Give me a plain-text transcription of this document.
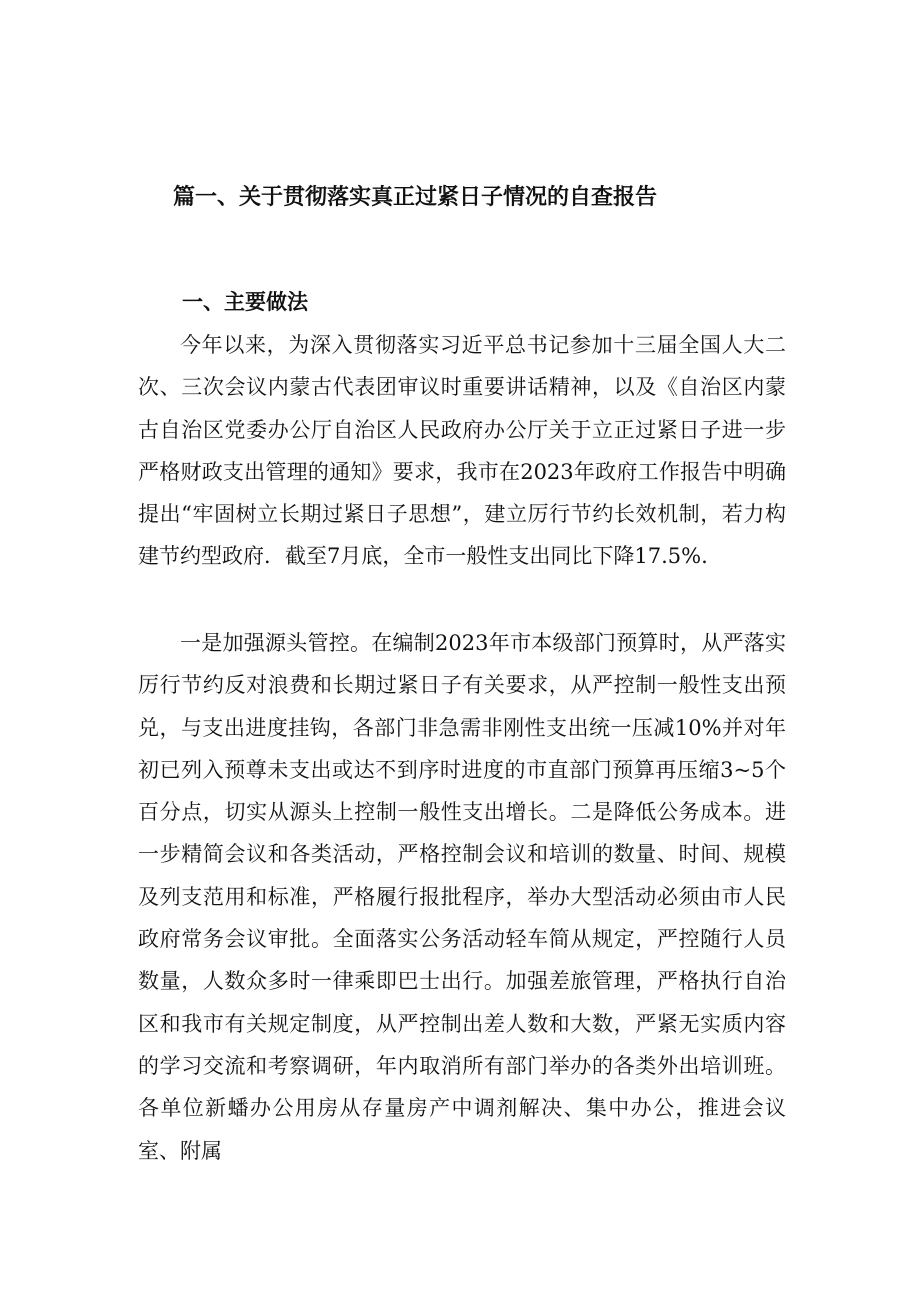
篇一、关于贯彻落实真正过紧日子情况的自查报告
一、主要做法

今年以来，为深入贯彻落实习近平总书记参加十三届全国人大二次、三次会议内蒙古代表团审议时重要讲话精神，以及《自治区内蒙古自治区党委办公厅自治区人民政府办公厅关于立正过紧日子进一步严格财政支出管理的通知》要求，我市在2023年政府工作报告中明确提出“牢固树立长期过紧日子思想”，建立厉行节约长效机制，若力构建节约型政府．截至7月底，全市一般性支出同比下降17.5%.

一是加强源头管控。在编制2023年市本级部门预算时，从严落实厉行节约反对浪费和长期过紧日子有关要求，从严控制一般性支出预兑，与支出进度挂钩，各部门非急需非刚性支出统一压减10%并对年初已列入预尊未支出或达不到序时进度的市直部门预算再压缩3~5个百分点，切实从源头上控制一般性支出增长。二是降低公务成本。进一步精简会议和各类活动，严格控制会议和培训的数量、时间、规模及列支范用和标准，严格履行报批程序，举办大型活动必须由市人民政府常务会议审批。全面落实公务活动轻车简从规定，严控随行人员数量，人数众多时一律乘即巴士出行。加强差旅管理，严格执行自治区和我市有关规定制度，从严控制出差人数和大数，严紧无实质内容的学习交流和考察调研，年内取消所有部门举办的各类外出培训班。各单位新蟠办公用房从存量房产中调剂解决、集中办公，推进会议室、附属
